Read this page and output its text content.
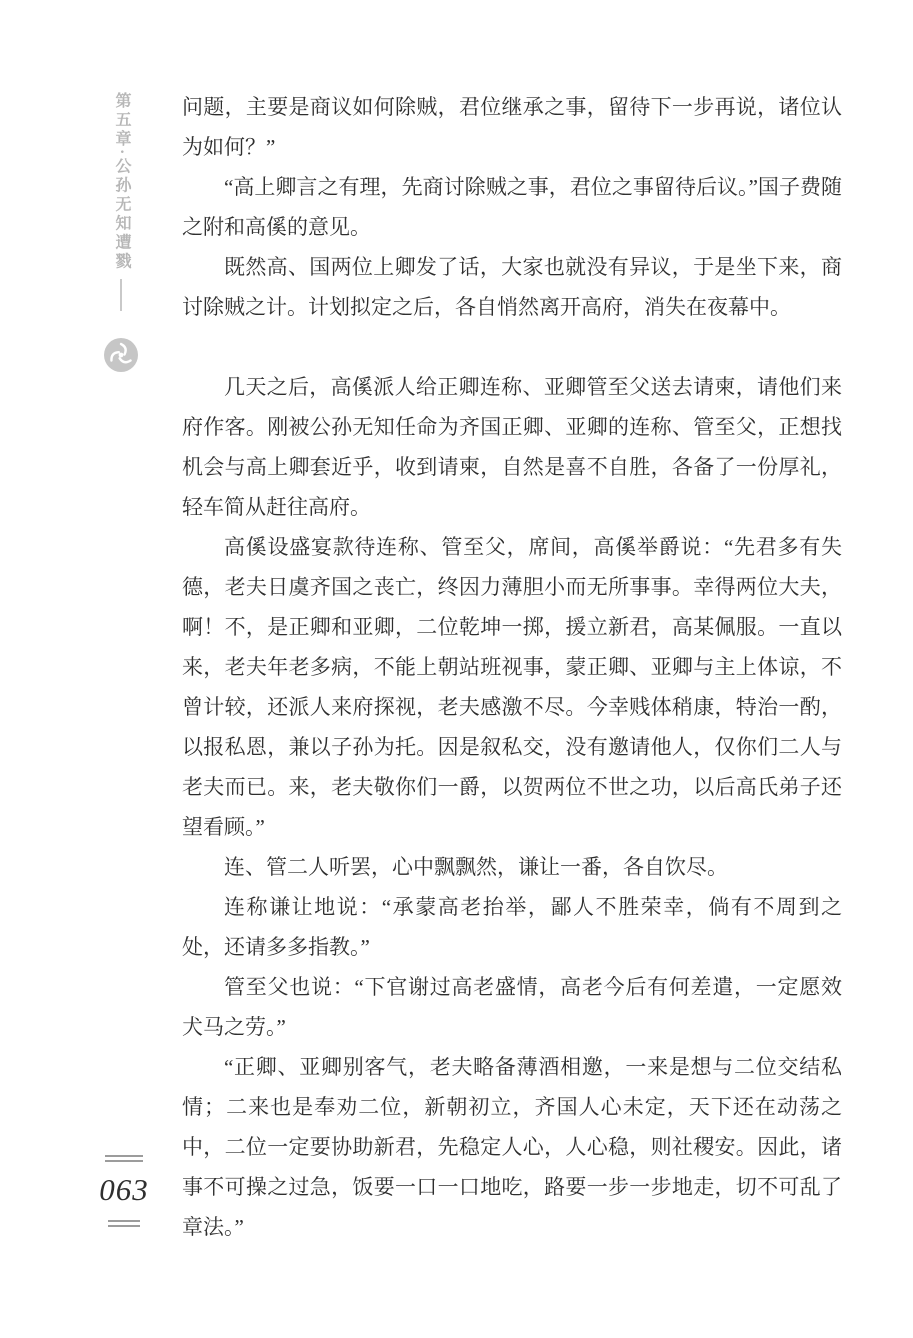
第五章·公孙无知遭戮	问题，主要是商议如何除贼，君位继承之事，留待下一步再说，诸位认为如何？”

“高上卿言之有理，先商讨除贼之事，君位之事留待后议。”国子费随之附和高傒的意见。

既然高、国两位上卿发了话，大家也就没有异议，于是坐下来，商讨除贼之计。计划拟定之后，各自悄然离开高府，消失在夜幕中。

几天之后，高傒派人给正卿连称、亚卿管至父送去请柬，请他们来府作客。刚被公孙无知任命为齐国正卿、亚卿的连称、管至父，正想找机会与高上卿套近乎，收到请柬，自然是喜不自胜，各备了一份厚礼，轻车简从赶往高府。

高傒设盛宴款待连称、管至父，席间，高傒举爵说：“先君多有失德，老夫日虞齐国之丧亡，终因力薄胆小而无所事事。幸得两位大夫，啊！不，是正卿和亚卿，二位乾坤一掷，援立新君，高某佩服。一直以来，老夫年老多病，不能上朝站班视事，蒙正卿、亚卿与主上体谅，不曾计较，还派人来府探视，老夫感激不尽。今幸贱体稍康，特治一酌，以报私恩，兼以子孙为托。因是叙私交，没有邀请他人，仅你们二人与老夫而已。来，老夫敬你们一爵，以贺两位不世之功，以后高氏弟子还望看顾。”

连、管二人听罢，心中飘飘然，谦让一番，各自饮尽。

连称谦让地说：“承蒙高老抬举，鄙人不胜荣幸，倘有不周到之处，还请多多指教。”

管至父也说：“下官谢过高老盛情，高老今后有何差遣，一定愿效犬马之劳。”

“正卿、亚卿别客气，老夫略备薄酒相邀，一来是想与二位交结私情；二来也是奉劝二位，新朝初立，齐国人心未定，天下还在动荡之中，二位一定要协助新君，先稳定人心，人心稳，则社稷安。因此，诸事不可操之过急，饭要一口一口地吃，路要一步一步地走，切不可乱了章法。”

063
